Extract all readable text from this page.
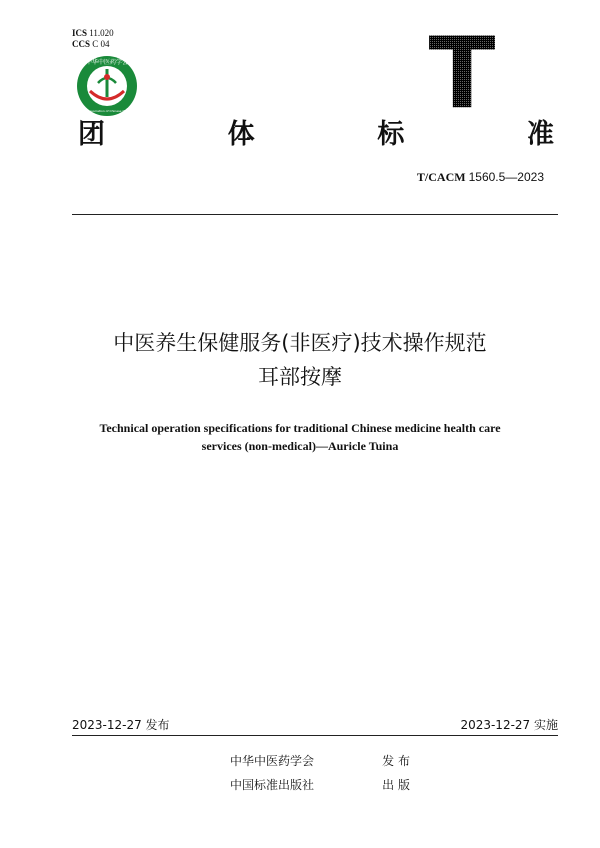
ICS 11.020
CCS C 04
中华中医药学会
China Association of Chinese Medicine	T
团	体	标	准
T/CACM 1560.5—2023
中医养生保健服务(非医疗)技术操作规范
耳部按摩
Technical operation specifications for traditional Chinese medicine health care
services (non-medical)—Auricle Tuina
2023-12-27 发布	2023-12-27 实施
中华中医药学会	发 布
中国标准出版社	出 版
